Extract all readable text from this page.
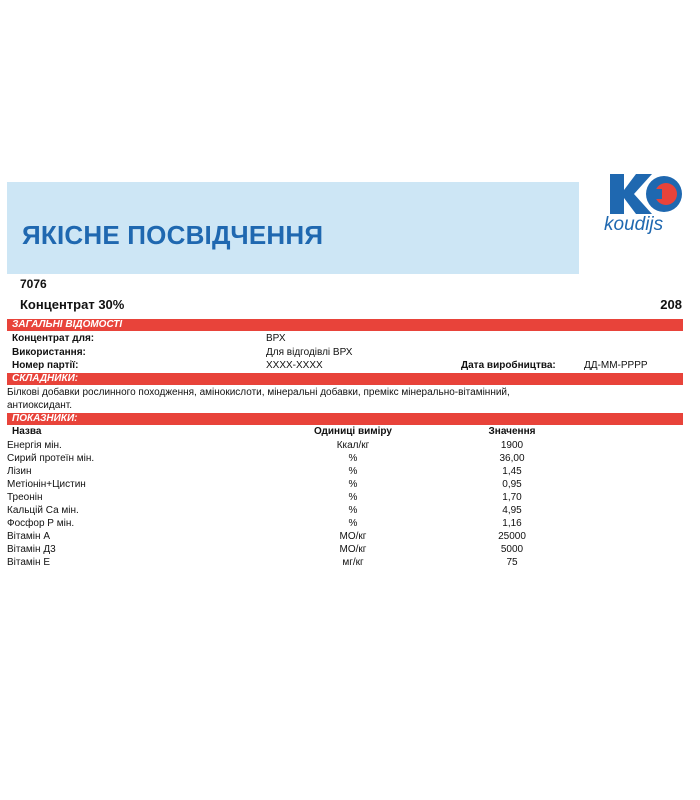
ЯКІСНЕ ПОСВІДЧЕННЯ	koudijs
7076
Концентрат 30%	208
ЗАГАЛЬНІ ВІДОМОСТІ
Концентрат для:	ВРХ
Використання:	Для відгодівлі ВРХ
Номер партії:	ХХХХ-ХХХХ	Дата виробництва:	ДД-ММ-РРРР
СКЛАДНИКИ:
Білкові добавки рослинного походження, амінокислоти, мінеральні добавки, премікс мінерально-вітамінний, антиоксидант.
ПОКАЗНИКИ:
Назва	Одиниці виміру	Значення
Енергія мін.	Ккал/кг	1900
Сирий протеїн мін.	%	36,00
Лізин	%	1,45
Метіонін+Цистин	%	0,95
Треонін	%	1,70
Кальцій Са мін.	%	4,95
Фосфор Р мін.	%	1,16
Вітамін А	МО/кг	25000
Вітамін Д3	МО/кг	5000
Вітамін Е	мг/кг	75
